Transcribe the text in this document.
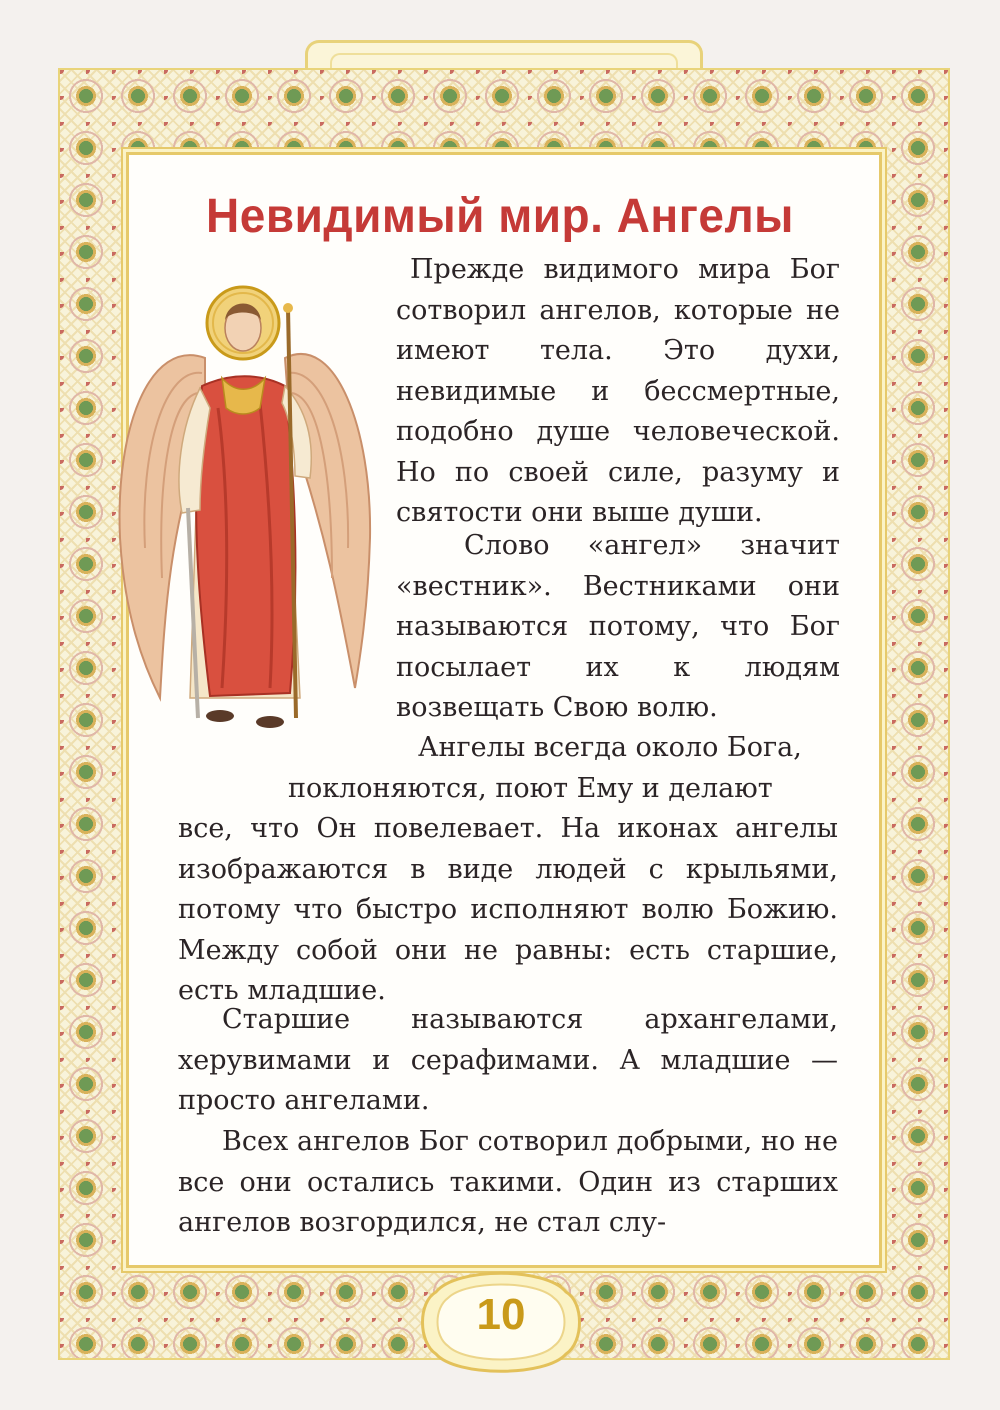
Невидимый мир. Ангелы

Прежде видимого мира Бог сотворил ангелов, которые не имеют тела. Это духи, невидимые и бессмертные, подобно душе человеческой. Но по своей силе, разуму и святости они выше души.

Слово «ангел» значит «вестник». Вестниками они называются потому, что Бог посылает их к людям возвещать Свою волю.

Ангелы всегда около Бога,
поклоняются, поют Ему и делают
все, что Он повелевает. На иконах ангелы изображаются в виде людей с крыльями, потому что быстро исполняют волю Божию. Между собой они не равны: есть старшие, есть младшие.

Старшие называются архангелами, херувимами и серафимами. А младшие — просто ангелами.

Всех ангелов Бог сотворил добрыми, но не все они остались такими. Один из старших ангелов возгордился, не стал слу-

10
